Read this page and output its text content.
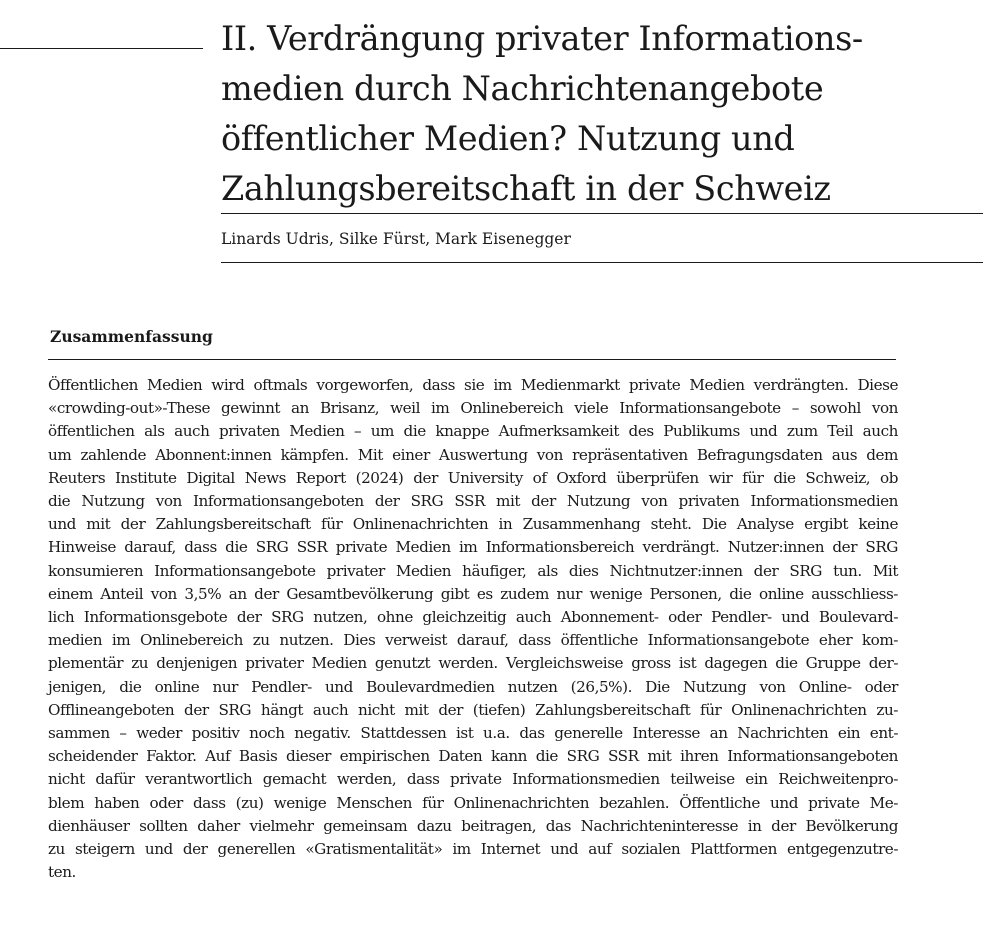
II. Verdrängung privater Informations-
medien durch Nachrichtenangebote
öffentlicher Medien? Nutzung und
Zahlungsbereitschaft in der Schweiz
Linards Udris, Silke Fürst, Mark Eisenegger
Zusammenfassung
Öffentlichen Medien wird oftmals vorgeworfen, dass sie im Medienmarkt private Medien verdrängten. Diese
«crowding-out»-These gewinnt an Brisanz, weil im Onlinebereich viele Informationsangebote – sowohl von
öffentlichen als auch privaten Medien – um die knappe Aufmerksamkeit des Publikums und zum Teil auch
um zahlende Abonnent:innen kämpfen. Mit einer Auswertung von repräsentativen Befragungsdaten aus dem
Reuters Institute Digital News Report (2024) der University of Oxford überprüfen wir für die Schweiz, ob
die Nutzung von Informationsangeboten der SRG SSR mit der Nutzung von privaten Informationsmedien
und mit der Zahlungsbereitschaft für Onlinenachrichten in Zusammenhang steht. Die Analyse ergibt keine
Hinweise darauf, dass die SRG SSR private Medien im Informationsbereich verdrängt. Nutzer:innen der SRG
konsumieren Informationsangebote privater Medien häufiger, als dies Nichtnutzer:innen der SRG tun. Mit
einem Anteil von 3,5% an der Gesamtbevölkerung gibt es zudem nur wenige Personen, die online ausschliess-
lich Informationsgebote der SRG nutzen, ohne gleichzeitig auch Abonnement- oder Pendler- und Boulevard-
medien im Onlinebereich zu nutzen. Dies verweist darauf, dass öffentliche Informationsangebote eher kom-
plementär zu denjenigen privater Medien genutzt werden. Vergleichsweise gross ist dagegen die Gruppe der-
jenigen, die online nur Pendler- und Boulevardmedien nutzen (26,5%). Die Nutzung von Online- oder
Offlineangeboten der SRG hängt auch nicht mit der (tiefen) Zahlungsbereitschaft für Onlinenachrichten zu-
sammen – weder positiv noch negativ. Stattdessen ist u.a. das generelle Interesse an Nachrichten ein ent-
scheidender Faktor. Auf Basis dieser empirischen Daten kann die SRG SSR mit ihren Informationsangeboten
nicht dafür verantwortlich gemacht werden, dass private Informationsmedien teilweise ein Reichweitenpro-
blem haben oder dass (zu) wenige Menschen für Onlinenachrichten bezahlen. Öffentliche und private Me-
dienhäuser sollten daher vielmehr gemeinsam dazu beitragen, das Nachrichteninteresse in der Bevölkerung
zu steigern und der generellen «Gratismentalität» im Internet und auf sozialen Plattformen entgegenzutre-
ten.
